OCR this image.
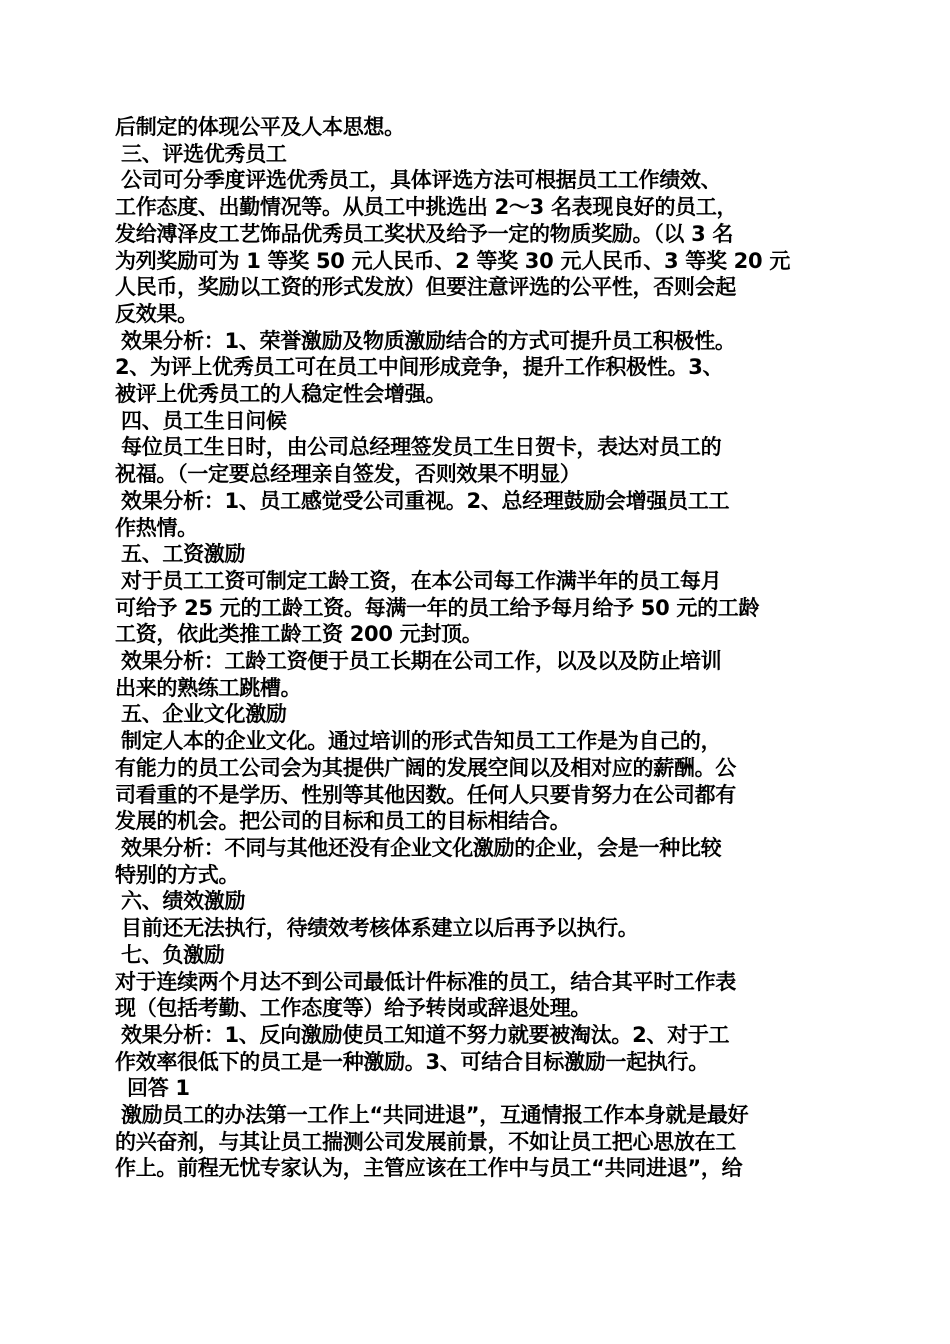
后制定的体现公平及人本思想。
三、评选优秀员工
公司可分季度评选优秀员工，具体评选方法可根据员工工作绩效、
工作态度、出勤情况等。从员工中挑选出 2～3 名表现良好的员工，
发给溥泽皮工艺饰品优秀员工奖状及给予一定的物质奖励。（以 3 名
为列奖励可为 1 等奖 50 元人民币、2 等奖 30 元人民币、3 等奖 20 元
人民币，奖励以工资的形式发放）但要注意评选的公平性，否则会起
反效果。
效果分析：1、荣誉激励及物质激励结合的方式可提升员工积极性。
2、为评上优秀员工可在员工中间形成竞争，提升工作积极性。3、
被评上优秀员工的人稳定性会增强。
四、员工生日问候
每位员工生日时，由公司总经理签发员工生日贺卡，表达对员工的
祝福。（一定要总经理亲自签发，否则效果不明显）
效果分析：1、员工感觉受公司重视。2、总经理鼓励会增强员工工
作热情。
五、工资激励
对于员工工资可制定工龄工资，在本公司每工作满半年的员工每月
可给予 25 元的工龄工资。每满一年的员工给予每月给予 50 元的工龄
工资，依此类推工龄工资 200 元封顶。
效果分析：工龄工资便于员工长期在公司工作，以及以及防止培训
出来的熟练工跳槽。
五、企业文化激励
制定人本的企业文化。通过培训的形式告知员工工作是为自己的，
有能力的员工公司会为其提供广阔的发展空间以及相对应的薪酬。公
司看重的不是学历、性别等其他因数。任何人只要肯努力在公司都有
发展的机会。把公司的目标和员工的目标相结合。
效果分析：不同与其他还没有企业文化激励的企业，会是一种比较
特别的方式。
六、绩效激励
目前还无法执行，待绩效考核体系建立以后再予以执行。
七、负激励
对于连续两个月达不到公司最低计件标准的员工，结合其平时工作表
现（包括考勤、工作态度等）给予转岗或辞退处理。
效果分析：1、反向激励使员工知道不努力就要被淘汰。2、对于工
作效率很低下的员工是一种激励。3、可结合目标激励一起执行。
回答 1
激励员工的办法第一工作上“共同进退”，互通情报工作本身就是最好
的兴奋剂，与其让员工揣测公司发展前景，不如让员工把心思放在工
作上。前程无忧专家认为，主管应该在工作中与员工“共同进退”，给
